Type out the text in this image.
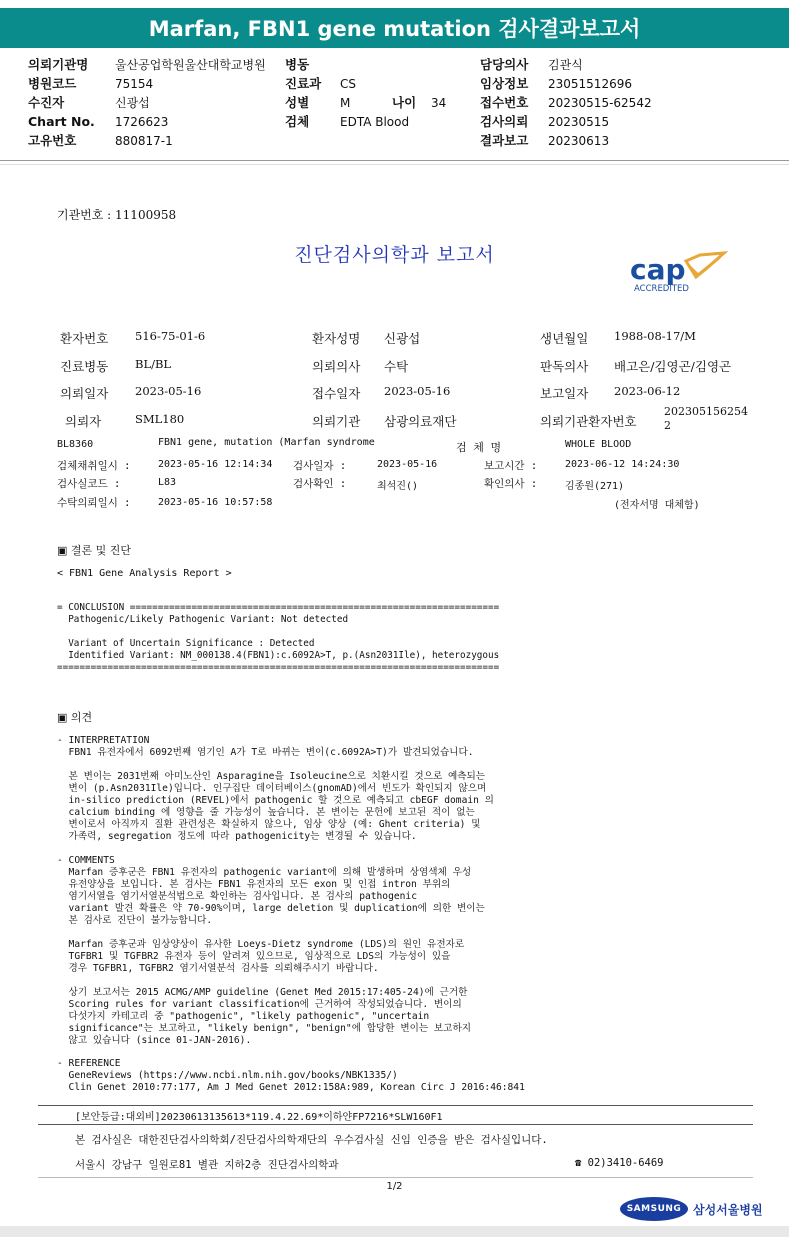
Marfan, FBN1 gene mutation 검사결과보고서
의뢰기관명 울산공업학원울산대학교병원 병동	담당의사 김관식
병원코드	75154	진료과 CS	임상정보 23051512696
수진자	신광섭	성별	M	나이 34	접수번호 20230515-62542
Chart No. 1726623	검체	EDTA Blood	검사의뢰 20230515
고유번호	880817-1	결과보고 20230613
기관번호 : 11100958
진단검사의학과 보고서	cap
ACCREDITED
환자번호 516-75-01-6	환자성명 신광섭	생년월일 1988-08-17/M
진료병동 BL/BL	의뢰의사 수탁	판독의사 배고은/김영곤/김영곤
의뢰일자 2023-05-16	접수일자 2023-05-16	보고일자 2023-06-12
의뢰자	SML180	의뢰기관 삼광의료재단	의뢰기관환자번호
202305156254
2
BL8360	FBN1 gene, mutation (Marfan syndrome	검 체 명	WHOLE BLOOD
검체채취일시 :	2023-05-16 12:14:34 검사일자 :	2023-05-16	보고시간 :	2023-06-12 14:24:30
검사실코드 :	L83	검사확인 :	최석진()	확인의사 :	김종원(271)
수탁의뢰일시 :	2023-05-16 10:57:58	(전자서명 대체함)
▣ 결론 및 진단
< FBN1 Gene Analysis Report >
= CONCLUSION ==================================================================
Pathogenic/Likely Pathogenic Variant: Not detected

Variant of Uncertain Significance : Detected
Identified Variant: NM_000138.4(FBN1):c.6092A>T, p.(Asn2031Ile), heterozygous
===============================================================================
▣ 의견
- INTERPRETATION
FBN1 유전자에서 6092번째 염기인 A가 T로 바뀌는 변이(c.6092A>T)가 발견되었습니다.

본 변이는 2031번째 아미노산인 Asparagine을 Isoleucine으로 치환시킬 것으로 예측되는
변이 (p.Asn2031Ile)입니다. 인구집단 데이터베이스(gnomAD)에서 빈도가 확인되지 않으며
in-silico prediction (REVEL)에서 pathogenic 할 것으로 예측되고 cbEGF domain 의
calcium binding 에 영향을 줄 가능성이 높습니다. 본 변이는 문헌에 보고된 적이 없는
변이로서 아직까지 질환 관련성은 확실하지 않으나, 임상 양상 (예: Ghent criteria) 및
가족력, segregation 정도에 따라 pathogenicity는 변경될 수 있습니다.
- COMMENTS
Marfan 증후군은 FBN1 유전자의 pathogenic variant에 의해 발생하며 상염색체 우성
유전양상을 보입니다. 본 검사는 FBN1 유전자의 모든 exon 및 인접 intron 부위의
염기서열을 염기서열분석법으로 확인하는 검사입니다. 본 검사의 pathogenic
variant 발견 확률은 약 70-90%이며, large deletion 및 duplication에 의한 변이는
본 검사로 진단이 불가능합니다.

Marfan 증후군과 임상양상이 유사한 Loeys-Dietz syndrome (LDS)의 원인 유전자로
TGFBR1 및 TGFBR2 유전자 등이 알려져 있으므로, 임상적으로 LDS의 가능성이 있을
경우 TGFBR1, TGFBR2 염기서열분석 검사를 의뢰해주시기 바랍니다.

상기 보고서는 2015 ACMG/AMP guideline (Genet Med 2015:17:405-24)에 근거한
Scoring rules for variant classification에 근거하여 작성되었습니다. 변이의
다섯가지 카테고리 중 "pathogenic", "likely pathogenic", "uncertain
significance"는 보고하고, "likely benign", "benign"에 합당한 변이는 보고하지
않고 있습니다 (since 01-JAN-2016).
- REFERENCE
GeneReviews (https://www.ncbi.nlm.nih.gov/books/NBK1335/)
Clin Genet 2010:77:177, Am J Med Genet 2012:158A:989, Korean Circ J 2016:46:841
[보안등급:대외비]20230613135613*119.4.22.69*이하얀FP7216*SLW160F1
본 검사실은 대한진단검사의학회/진단검사의학재단의 우수검사실 신임 인증을 받은 검사실입니다.
서울시 강남구 일원로81 별관 지하2층 진단검사의학과	☎ 02)3410-6469
1/2
SAMSUNG 삼성서울병원
